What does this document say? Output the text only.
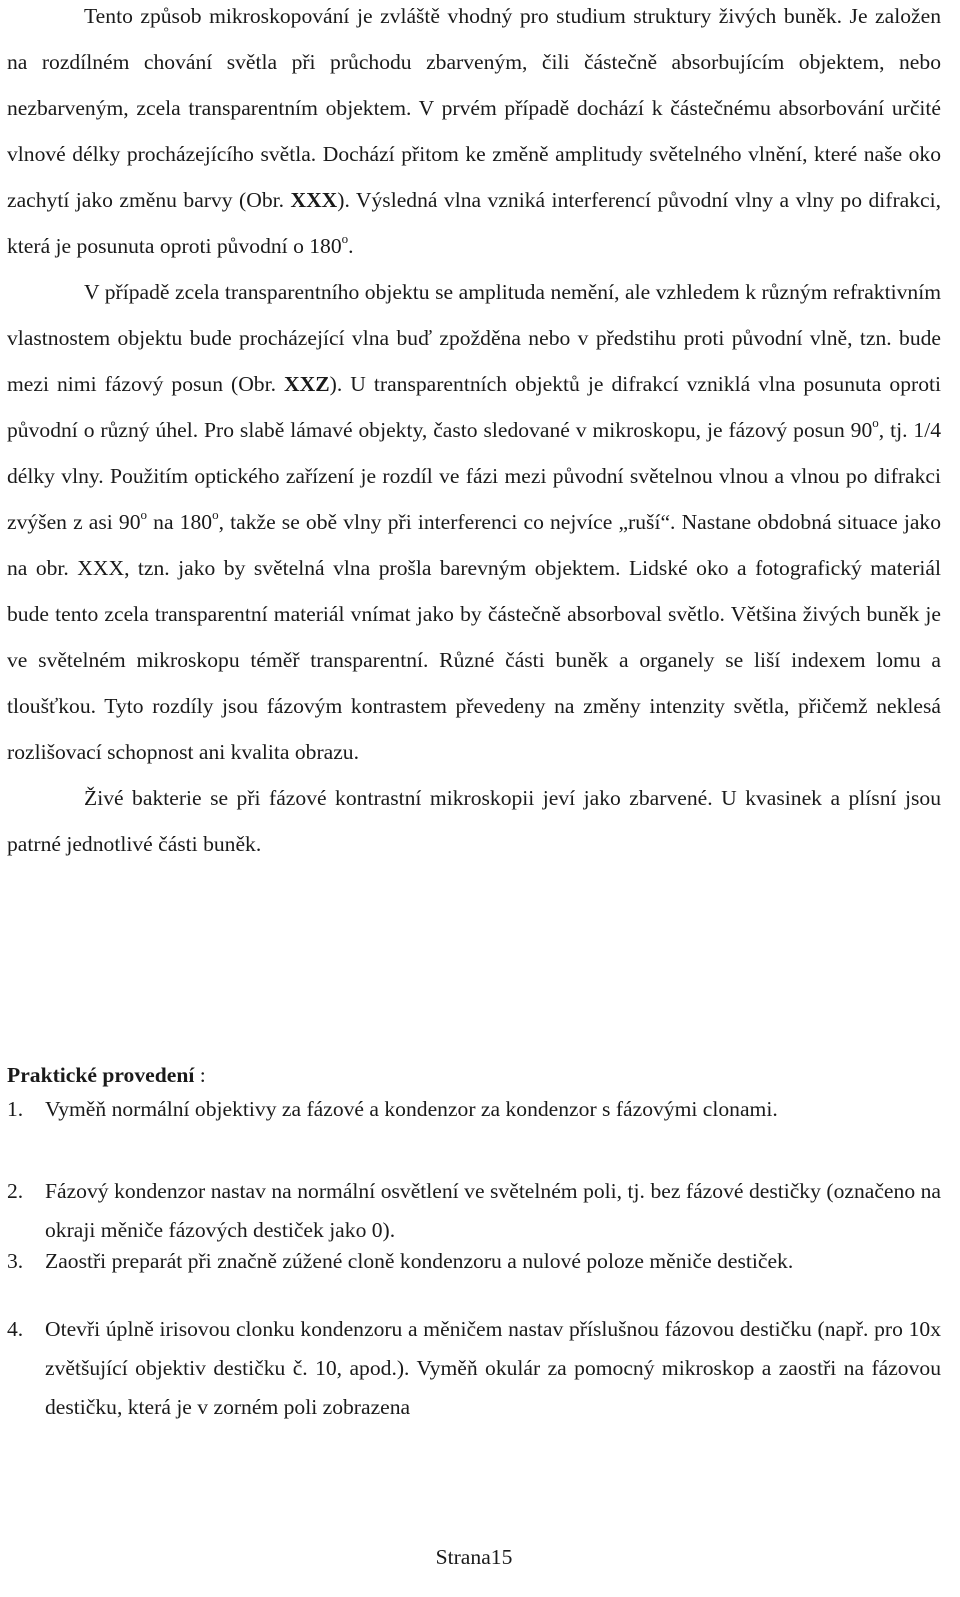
Tento způsob mikroskopování je zvláště vhodný pro studium struktury živých buněk. Je založen na rozdílném chování světla při průchodu zbarveným, čili částečně absorbujícím objektem, nebo nezbarveným, zcela transparentním objektem. V prvém případě dochází k částečnému absorbování určité vlnové délky procházejícího světla. Dochází přitom ke změně amplitudy světelného vlnění, které naše oko zachytí jako změnu barvy (Obr. XXX). Výsledná vlna vzniká interferencí původní vlny a vlny po difrakci, která je posunuta oproti původní o 180$^o$.

V případě zcela transparentního objektu se amplituda nemění, ale vzhledem k různým refraktivním vlastnostem objektu bude procházející vlna buď zpožděna nebo v předstihu proti původní vlně, tzn. bude mezi nimi fázový posun (Obr. XXZ). U transparentních objektů je difrakcí vzniklá vlna posunuta oproti původní o různý úhel. Pro slabě lámavé objekty, často sledované v mikroskopu, je fázový posun 90$^o$, tj. 1/4 délky vlny. Použitím optického zařízení je rozdíl ve fázi mezi původní světelnou vlnou a vlnou po difrakci zvýšen z asi 90$^o$ na 180$^o$, takže se obě vlny při interferenci co nejvíce „ruší“. Nastane obdobná situace jako na obr. XXX, tzn. jako by světelná vlna prošla barevným objektem. Lidské oko a fotografický materiál bude tento zcela transparentní materiál vnímat jako by částečně absorboval světlo. Většina živých buněk je ve světelném mikroskopu téměř transparentní. Různé části buněk a organely se liší indexem lomu a tloušťkou. Tyto rozdíly jsou fázovým kontrastem převedeny na změny intenzity světla, přičemž neklesá rozlišovací schopnost ani kvalita obrazu.

Živé bakterie se při fázové kontrastní mikroskopii jeví jako zbarvené. U kvasinek a plísní jsou patrné jednotlivé části buněk.

Praktické provedení :

1. Vyměň normální objektivy za fázové a kondenzor za kondenzor s fázovými clonami.
2. Fázový kondenzor nastav na normální osvětlení ve světelném poli, tj. bez fázové destičky (označeno na okraji měniče fázových destiček jako 0).
3. Zaostři preparát při značně zúžené cloně kondenzoru a nulové poloze měniče destiček.
4. Otevři úplně irisovou clonku kondenzoru a měničem nastav příslušnou fázovou destičku (např. pro 10x zvětšující objektiv destičku č. 10, apod.). Vyměň okulár za pomocný mikroskop a zaostři na fázovou destičku, která je v zorném poli zobrazena
Strana15
